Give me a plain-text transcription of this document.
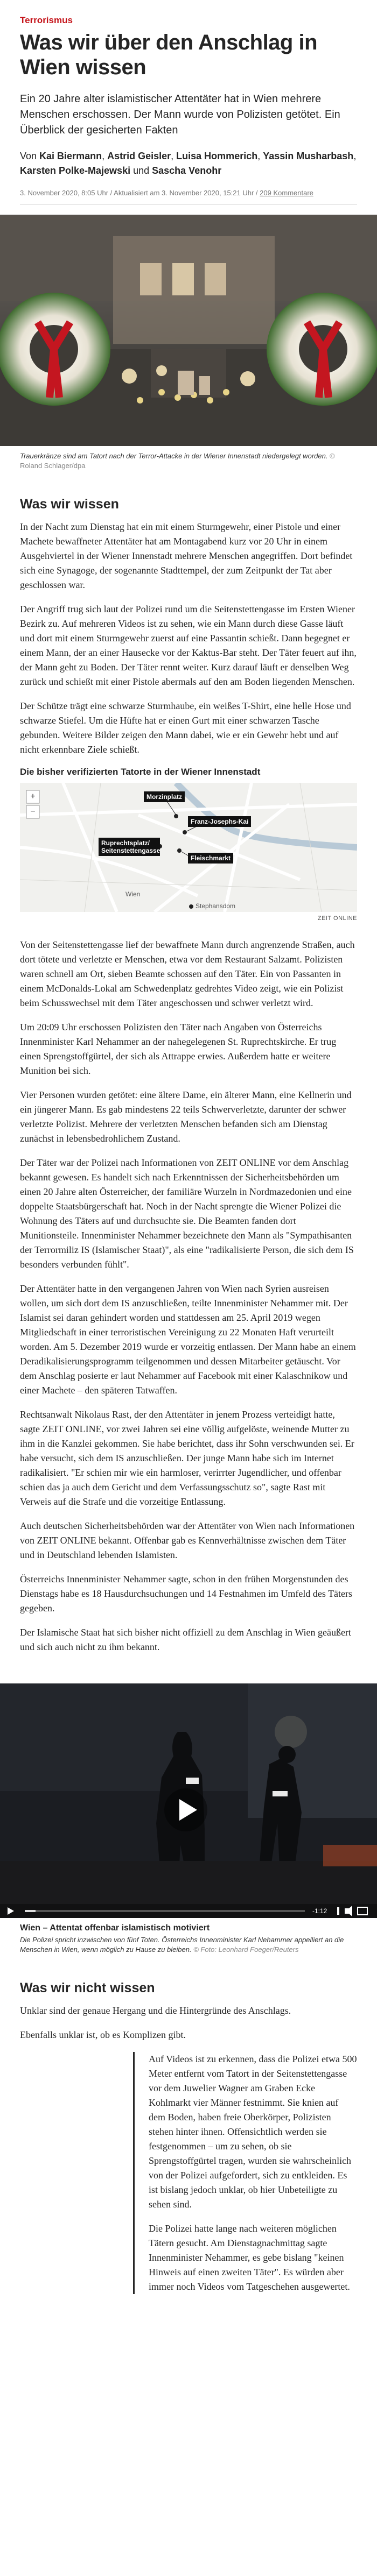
Terrorismus
Was wir über den Anschlag in Wien wissen

Ein 20 Jahre alter islamistischer Attentäter hat in Wien mehrere Menschen erschossen. Der Mann wurde von Polizisten getötet. Ein Überblick der gesicherten Fakten

Von Kai Biermann, Astrid Geisler, Luisa Hommerich, Yassin Musharbash, Karsten Polke-Majewski und Sascha Venohr

3. November 2020, 8:05 Uhr / Aktualisiert am 3. November 2020, 15:21 Uhr / 209 Kommentare
Trauerkränze sind am Tatort nach der Terror-Attacke in der Wiener Innenstadt niedergelegt worden. © Roland Schlager/dpa
Was wir wissen

In der Nacht zum Dienstag hat ein mit einem Sturmgewehr, einer Pistole und einer Machete bewaffneter Attentäter hat am Montagabend kurz vor 20 Uhr in einem Ausgehviertel in der Wiener Innenstadt mehrere Menschen angegriffen. Dort befindet sich eine Synagoge, der sogenannte Stadttempel, der zum Zeitpunkt der Tat aber geschlossen war.

Der Angriff trug sich laut der Polizei rund um die Seitenstettengasse im Ersten Wiener Bezirk zu. Auf mehreren Videos ist zu sehen, wie ein Mann durch diese Gasse läuft und dort mit einem Sturmgewehr zuerst auf eine Passantin schießt. Dann begegnet er einem Mann, der an einer Hausecke vor der Kaktus-Bar steht. Der Täter feuert auf ihn, der Mann geht zu Boden. Der Täter rennt weiter. Kurz darauf läuft er denselben Weg zurück und schießt mit einer Pistole abermals auf den am Boden liegenden Menschen.

Der Schütze trägt eine schwarze Sturmhaube, ein weißes T-Shirt, eine helle Hose und schwarze Stiefel. Um die Hüfte hat er einen Gurt mit einer schwarzen Tasche gebunden. Weitere Bilder zeigen den Mann dabei, wie er ein Gewehr hebt und auf nicht erkennbare Ziele schießt.

Die bisher verifizierten Tatorte in der Wiener Innenstadt
+
−
Morzinplatz
Franz-Josephs-Kai
Ruprechtsplatz/ Seitenstettengasse
Fleischmarkt
Wien
Stephansdom
ZEIT ONLINE

Von der Seitenstettengasse lief der bewaffnete Mann durch angrenzende Straßen, auch dort tötete und verletzte er Menschen, etwa vor dem Restaurant Salzamt. Polizisten waren schnell am Ort, sieben Beamte schossen auf den Täter. Ein von Passanten in einem McDonalds-Lokal am Schwedenplatz gedrehtes Video zeigt, wie ein Polizist beim Schusswechsel mit dem Täter angeschossen und schwer verletzt wird.

Um 20:09 Uhr erschossen Polizisten den Täter nach Angaben von Österreichs Innenminister Karl Nehammer an der nahegelegenen St. Ruprechtskirche. Er trug einen Sprengstoffgürtel, der sich als Attrappe erwies. Außerdem hatte er weitere Munition bei sich.

Vier Personen wurden getötet: eine ältere Dame, ein älterer Mann, eine Kellnerin und ein jüngerer Mann. Es gab mindestens 22 teils Schwerverletzte, darunter der schwer verletzte Polizist. Mehrere der verletzten Menschen befanden sich am Dienstag zunächst in lebensbedrohlichem Zustand.

Der Täter war der Polizei nach Informationen von ZEIT ONLINE vor dem Anschlag bekannt gewesen. Es handelt sich nach Erkenntnissen der Sicherheitsbehörden um einen 20 Jahre alten Österreicher, der familiäre Wurzeln in Nordmazedonien und eine doppelte Staatsbürgerschaft hat. Noch in der Nacht sprengte die Wiener Polizei die Wohnung des Täters auf und durchsuchte sie. Die Beamten fanden dort Munitionsteile. Innenminister Nehammer bezeichnete den Mann als "Sympathisanten der Terrormiliz IS (Islamischer Staat)", als eine "radikalisierte Person, die sich dem IS besonders verbunden fühlt".

Der Attentäter hatte in den vergangenen Jahren von Wien nach Syrien ausreisen wollen, um sich dort dem IS anzuschließen, teilte Innenminister Nehammer mit. Der Islamist sei daran gehindert worden und stattdessen am 25. April 2019 wegen Mitgliedschaft in einer terroristischen Vereinigung zu 22 Monaten Haft verurteilt worden. Am 5. Dezember 2019 wurde er vorzeitig entlassen. Der Mann habe an einem Deradikalisierungsprogramm teilgenommen und dessen Mitarbeiter getäuscht. Vor dem Anschlag posierte er laut Nehammer auf Facebook mit einer Kalaschnikow und einer Machete – den späteren Tatwaffen.

Rechtsanwalt Nikolaus Rast, der den Attentäter in jenem Prozess verteidigt hatte, sagte ZEIT ONLINE, vor zwei Jahren sei eine völlig aufgelöste, weinende Mutter zu ihm in die Kanzlei gekommen. Sie habe berichtet, dass ihr Sohn verschwunden sei. Er habe versucht, sich dem IS anzuschließen. Der junge Mann habe sich im Internet radikalisiert. "Er schien mir wie ein harmloser, verirrter Jugendlicher, und offenbar schien das ja auch dem Gericht und dem Verfassungsschutz so", sagte Rast mit Verweis auf die Strafe und die vorzeitige Entlassung.

Auch deutschen Sicherheitsbehörden war der Attentäter von Wien nach Informationen von ZEIT ONLINE bekannt. Offenbar gab es Kennverhältnisse zwischen dem Täter und in Deutschland lebenden Islamisten.

Österreichs Innenminister Nehammer sagte, schon in den frühen Morgenstunden des Dienstags habe es 18 Hausdurchsuchungen und 14 Festnahmen im Umfeld des Täters gegeben.

Der Islamische Staat hat sich bisher nicht offiziell zu dem Anschlag in Wien geäußert und sich auch nicht zu ihm bekannt.

-1:12
Wien – Attentat offenbar islamistisch motiviert
Die Polizei spricht inzwischen von fünf Toten. Österreichs Innenminister Karl Nehammer appelliert an die Menschen in Wien, wenn möglich zu Hause zu bleiben. © Foto: Leonhard Foeger/Reuters
Was wir nicht wissen

Unklar sind der genaue Hergang und die Hintergründe des Anschlags.

Ebenfalls unklar ist, ob es Komplizen gibt.

Auf Videos ist zu erkennen, dass die Polizei etwa 500 Meter entfernt vom Tatort in der Seitenstettengasse vor dem Juwelier Wagner am Graben Ecke Kohlmarkt vier Männer festnimmt. Sie knien auf dem Boden, haben freie Oberkörper, Polizisten stehen hinter ihnen. Offensichtlich werden sie festgenommen – um zu sehen, ob sie Sprengstoffgürtel tragen, wurden sie wahrscheinlich von der Polizei aufgefordert, sich zu entkleiden. Es ist bislang jedoch unklar, ob hier Unbeteiligte zu sehen sind.

Die Polizei hatte lange nach weiteren möglichen Tätern gesucht. Am Dienstagnachmittag sagte Innenminister Nehammer, es gebe bislang "keinen Hinweis auf einen zweiten Täter". Es würden aber immer noch Videos vom Tatgeschehen ausgewertet.
